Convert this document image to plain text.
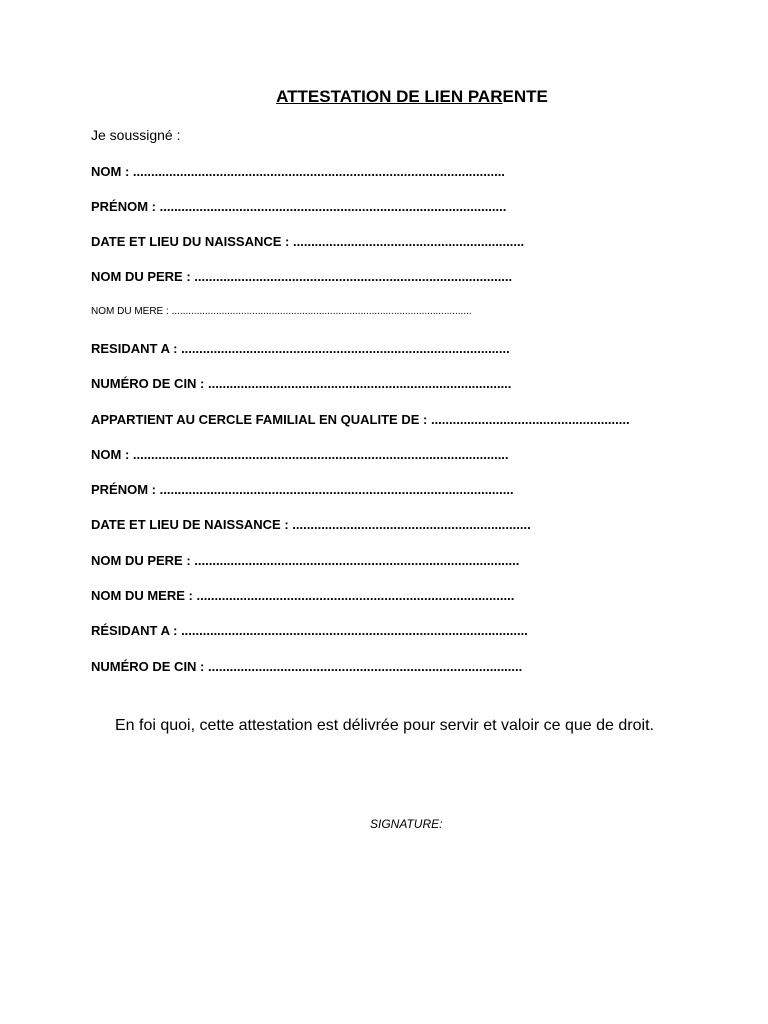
ATTESTATION DE LIEN PARENTE
Je soussigné :
NOM : .......................................................................................................
PRÉNOM : ................................................................................................
DATE ET LIEU DU NAISSANCE : ................................................................
NOM DU PERE : ........................................................................................
NOM DU MERE : ............................................................................................................
RESIDANT A : ...........................................................................................
NUMÉRO DE CIN : ....................................................................................
APPARTIENT AU CERCLE FAMILIAL EN QUALITE DE : .......................................................
NOM : ........................................................................................................
PRÉNOM : ..................................................................................................
DATE ET LIEU DE NAISSANCE : ..................................................................
NOM DU PERE : ..........................................................................................
NOM DU MERE : ........................................................................................
RÉSIDANT A : ................................................................................................
NUMÉRO DE CIN : .......................................................................................
En foi quoi, cette attestation est délivrée pour servir et valoir ce que de droit.
SIGNATURE:
